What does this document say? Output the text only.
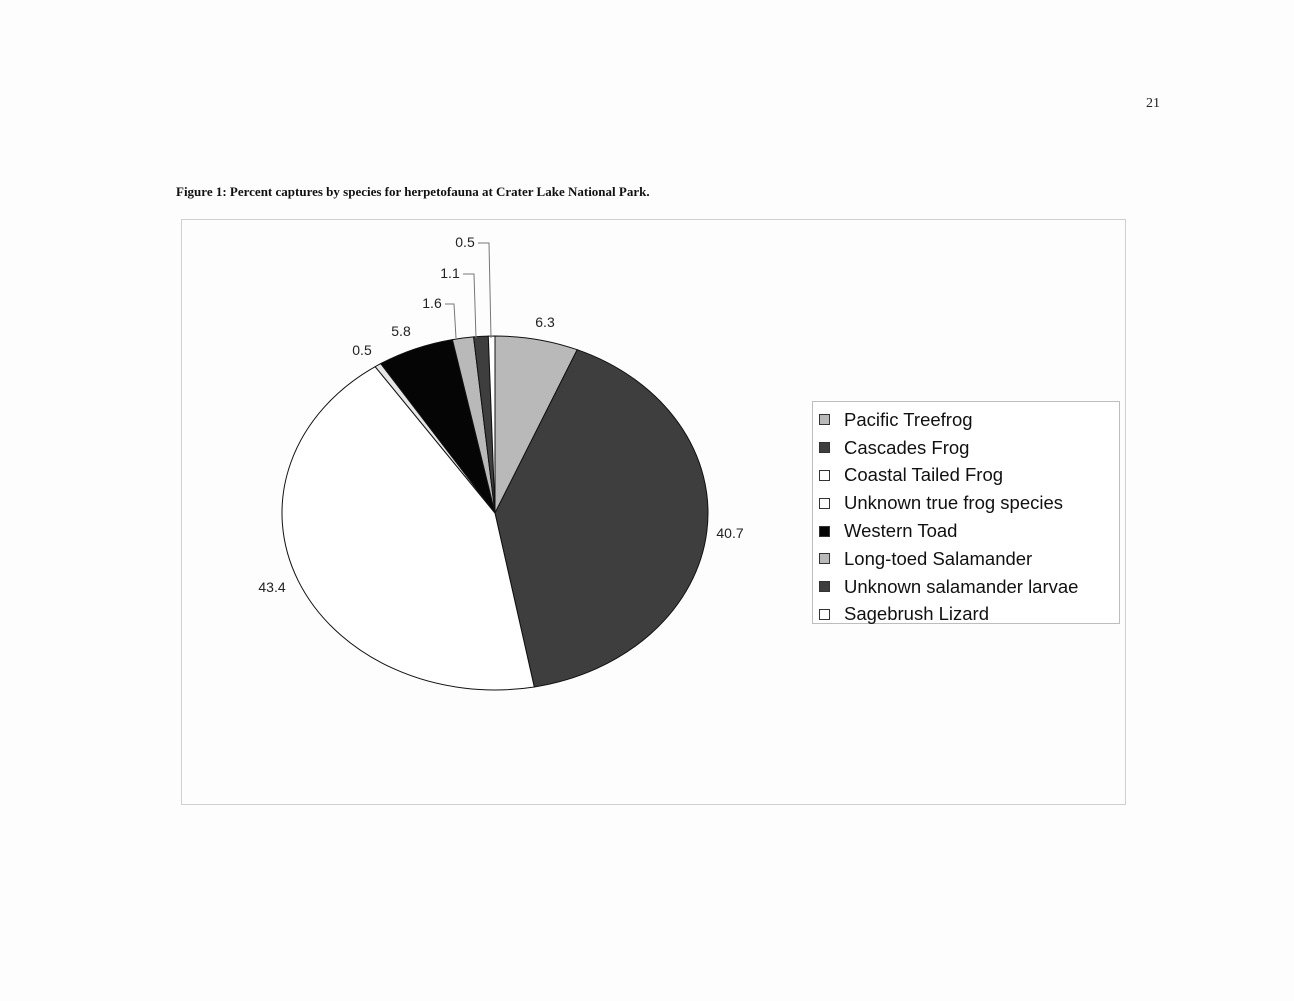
21
Figure 1: Percent captures by species for herpetofauna at Crater Lake National Park.
6.3
40.7
43.4
0.5
5.8
1.6
1.1
0.5
Pacific Treefrog
Cascades Frog
Coastal Tailed Frog
Unknown true frog species
Western Toad
Long-toed Salamander
Unknown salamander larvae
Sagebrush Lizard
